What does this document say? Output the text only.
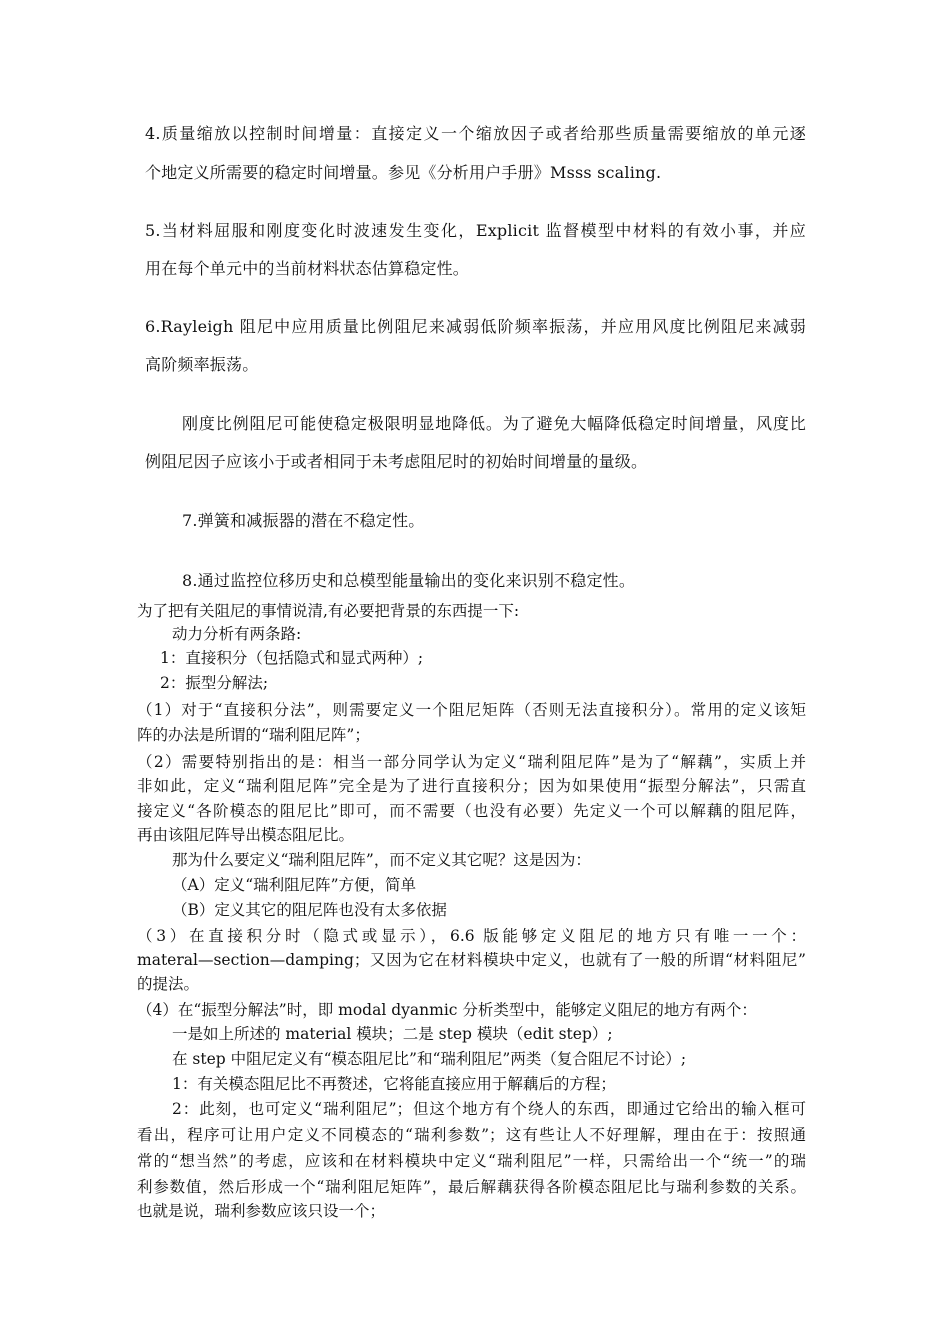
4.质量缩放以控制时间增量：直接定义一个缩放因子或者给那些质量需要缩放的单元逐

个地定义所需要的稳定时间增量。参见《分析用户手册》Msss scaling.

5.当材料屈服和刚度变化时波速发生变化，Explicit 监督模型中材料的有效小事，并应

用在每个单元中的当前材料状态估算稳定性。

6.Rayleigh 阻尼中应用质量比例阻尼来减弱低阶频率振荡，并应用风度比例阻尼来减弱

高阶频率振荡。

刚度比例阻尼可能使稳定极限明显地降低。为了避免大幅降低稳定时间增量，风度比

例阻尼因子应该小于或者相同于未考虑阻尼时的初始时间增量的量级。

7.弹簧和减振器的潜在不稳定性。

8.通过监控位移历史和总模型能量输出的变化来识别不稳定性。

为了把有关阻尼的事情说清,有必要把背景的东西提一下:

动力分析有两条路:

1：直接积分（包括隐式和显式两种）;

2：振型分解法;

（1）对于“直接积分法”，则需要定义一个阻尼矩阵（否则无法直接积分）。常用的定义该矩

阵的办法是所谓的“瑞利阻尼阵”；

（2）需要特别指出的是：相当一部分同学认为定义“瑞利阻尼阵”是为了“解藕”，实质上并

非如此，定义“瑞利阻尼阵”完全是为了进行直接积分；因为如果使用“振型分解法”，只需直

接定义“各阶模态的阻尼比”即可，而不需要（也没有必要）先定义一个可以解藕的阻尼阵，

再由该阻尼阵导出模态阻尼比。

那为什么要定义“瑞利阻尼阵”，而不定义其它呢？这是因为：

（A）定义“瑞利阻尼阵”方便，简单

（B）定义其它的阻尼阵也没有太多依据

（3）在直接积分时（隐式或显示），6.6 版能够定义阻尼的地方只有唯一一个：

materal—section—damping；又因为它在材料模块中定义，也就有了一般的所谓“材料阻尼”

的提法。

（4）在“振型分解法”时，即 modal dyanmic 分析类型中，能够定义阻尼的地方有两个：

一是如上所述的 material 模块；二是 step 模块（edit step）;

在 step 中阻尼定义有“模态阻尼比”和“瑞利阻尼”两类（复合阻尼不讨论）;

1：有关模态阻尼比不再赘述，它将能直接应用于解藕后的方程；

2：此刻，也可定义“瑞利阻尼”；但这个地方有个绕人的东西，即通过它给出的输入框可

看出，程序可让用户定义不同模态的“瑞利参数”；这有些让人不好理解，理由在于：按照通

常的“想当然”的考虑，应该和在材料模块中定义“瑞利阻尼”一样，只需给出一个“统一”的瑞

利参数值，然后形成一个“瑞利阻尼矩阵”，最后解藕获得各阶模态阻尼比与瑞利参数的关系。

也就是说，瑞利参数应该只设一个；
